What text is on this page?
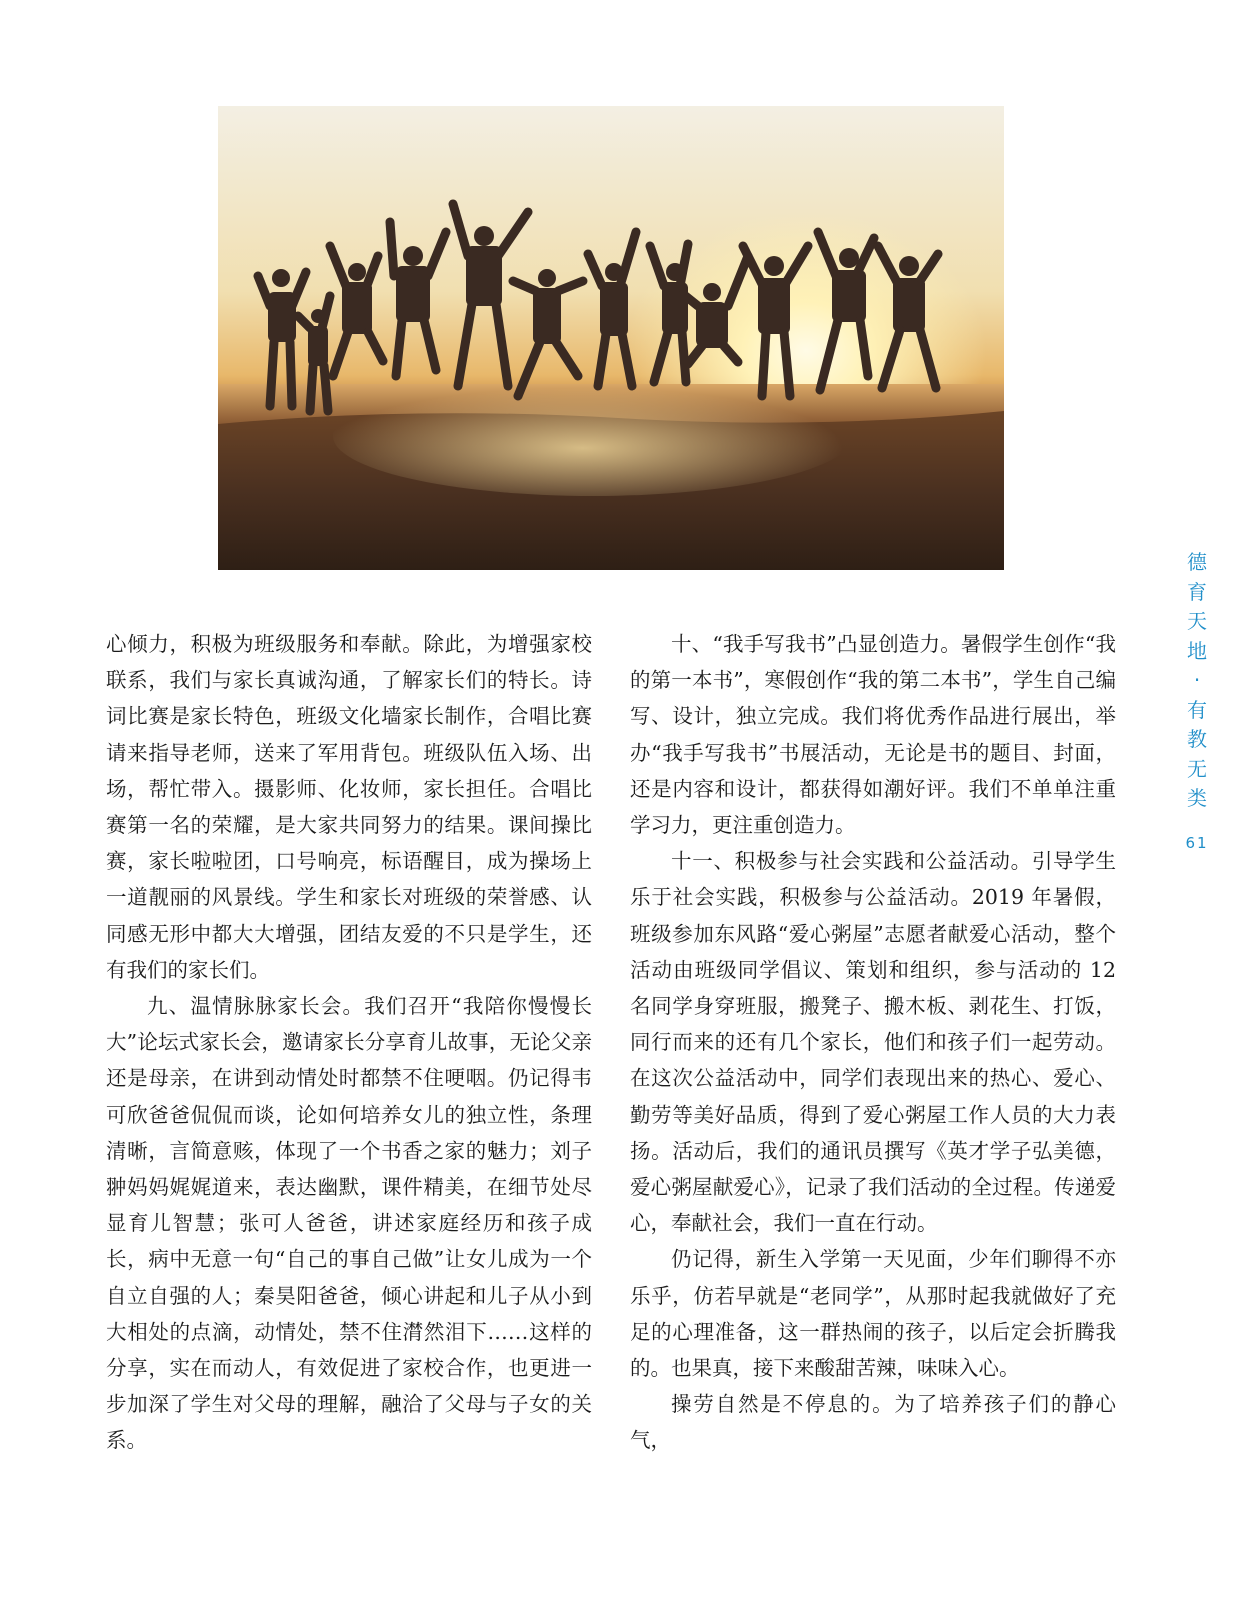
心倾力，积极为班级服务和奉献。除此，为增强家校联系，我们与家长真诚沟通，了解家长们的特长。诗词比赛是家长特色，班级文化墙家长制作，合唱比赛请来指导老师，送来了军用背包。班级队伍入场、出场，帮忙带入。摄影师、化妆师，家长担任。合唱比赛第一名的荣耀，是大家共同努力的结果。课间操比赛，家长啦啦团，口号响亮，标语醒目，成为操场上一道靓丽的风景线。学生和家长对班级的荣誉感、认同感无形中都大大增强，团结友爱的不只是学生，还有我们的家长们。

九、温情脉脉家长会。我们召开“我陪你慢慢长大”论坛式家长会，邀请家长分享育儿故事，无论父亲还是母亲，在讲到动情处时都禁不住哽咽。仍记得韦可欣爸爸侃侃而谈，论如何培养女儿的独立性，条理清晰，言简意赅，体现了一个书香之家的魅力；刘子翀妈妈娓娓道来，表达幽默，课件精美，在细节处尽显育儿智慧；张可人爸爸，讲述家庭经历和孩子成长，病中无意一句“自己的事自己做”让女儿成为一个自立自强的人；秦昊阳爸爸，倾心讲起和儿子从小到大相处的点滴，动情处，禁不住潸然泪下……这样的分享，实在而动人，有效促进了家校合作，也更进一步加深了学生对父母的理解，融洽了父母与子女的关系。

十、“我手写我书”凸显创造力。暑假学生创作“我的第一本书”，寒假创作“我的第二本书”，学生自己编写、设计，独立完成。我们将优秀作品进行展出，举办“我手写我书”书展活动，无论是书的题目、封面，还是内容和设计，都获得如潮好评。我们不单单注重学习力，更注重创造力。

十一、积极参与社会实践和公益活动。引导学生乐于社会实践，积极参与公益活动。2019 年暑假，班级参加东风路“爱心粥屋”志愿者献爱心活动，整个活动由班级同学倡议、策划和组织，参与活动的 12 名同学身穿班服，搬凳子、搬木板、剥花生、打饭，同行而来的还有几个家长，他们和孩子们一起劳动。在这次公益活动中，同学们表现出来的热心、爱心、勤劳等美好品质，得到了爱心粥屋工作人员的大力表扬。活动后，我们的通讯员撰写《英才学子弘美德，爱心粥屋献爱心》，记录了我们活动的全过程。传递爱心，奉献社会，我们一直在行动。

仍记得，新生入学第一天见面，少年们聊得不亦乐乎，仿若早就是“老同学”，从那时起我就做好了充足的心理准备，这一群热闹的孩子，以后定会折腾我的。也果真，接下来酸甜苦辣，味味入心。

操劳自然是不停息的。为了培养孩子们的静心气，

德
育
天
地
·
有
教
无
类
61
